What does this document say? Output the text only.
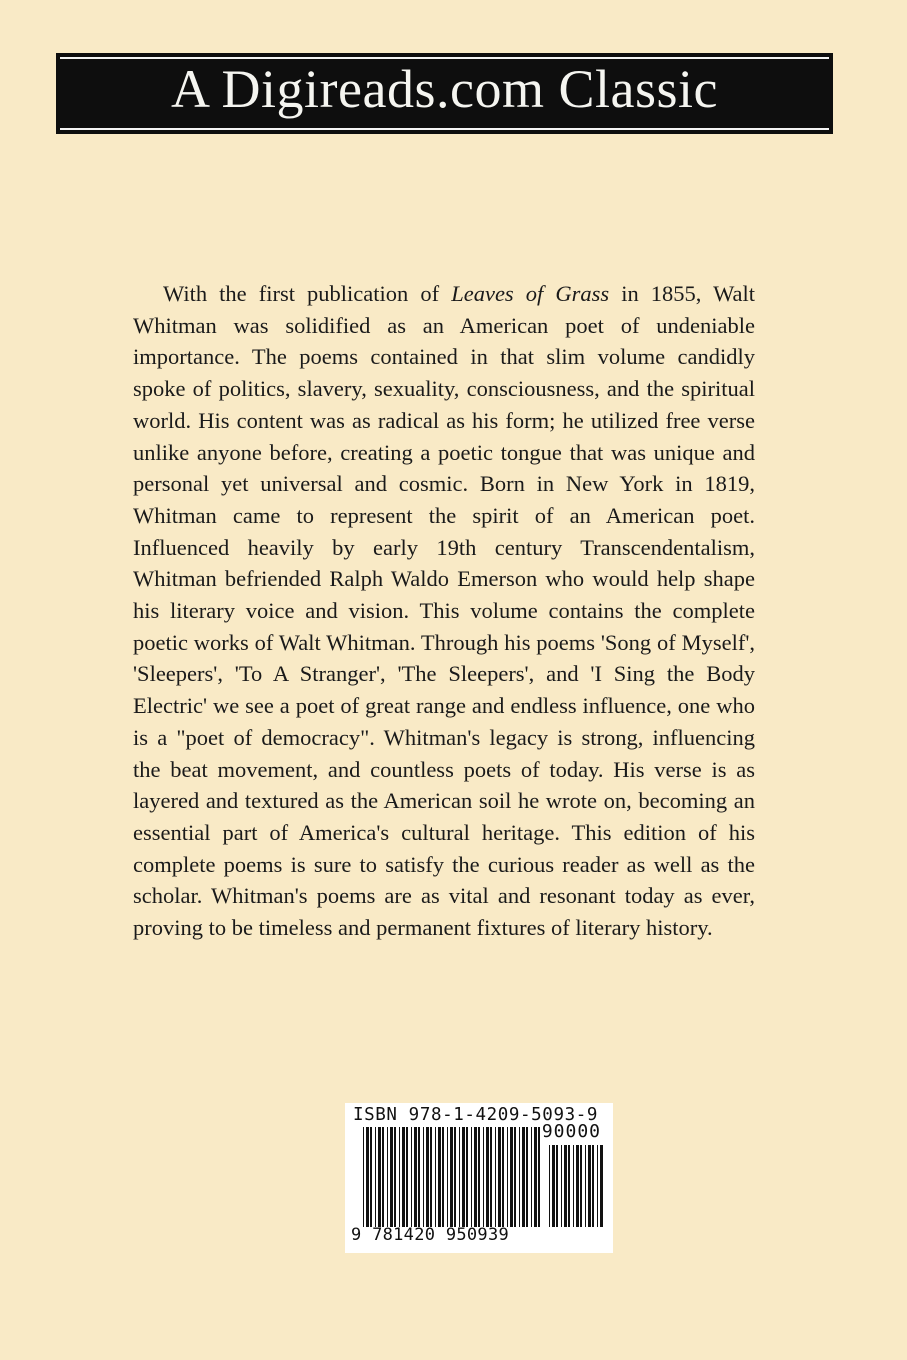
A Digireads.com Classic

With the first publication of Leaves of Grass in 1855, Walt Whitman was solidified as an American poet of undeniable importance. The poems contained in that slim volume candidly spoke of politics, slavery, sexuality, consciousness, and the spiritual world. His content was as radical as his form; he utilized free verse unlike anyone before, creating a poetic tongue that was unique and personal yet universal and cosmic. Born in New York in 1819, Whitman came to represent the spirit of an American poet. Influenced heavily by early 19th century Transcendentalism, Whitman befriended Ralph Waldo Emerson who would help shape his literary voice and vision. This volume contains the complete poetic works of Walt Whitman. Through his poems 'Song of Myself', 'Sleepers', 'To A Stranger', 'The Sleepers', and 'I Sing the Body Electric' we see a poet of great range and endless influence, one who is a "poet of democracy". Whitman's legacy is strong, influencing the beat movement, and countless poets of today. His verse is as layered and textured as the American soil he wrote on, becoming an essential part of America's cultural heritage. This edition of his complete poems is sure to satisfy the curious reader as well as the scholar. Whitman's poems are as vital and resonant today as ever, proving to be timeless and permanent fixtures of literary history.

ISBN 978-1-4209-5093-9
90000
9 781420 950939
